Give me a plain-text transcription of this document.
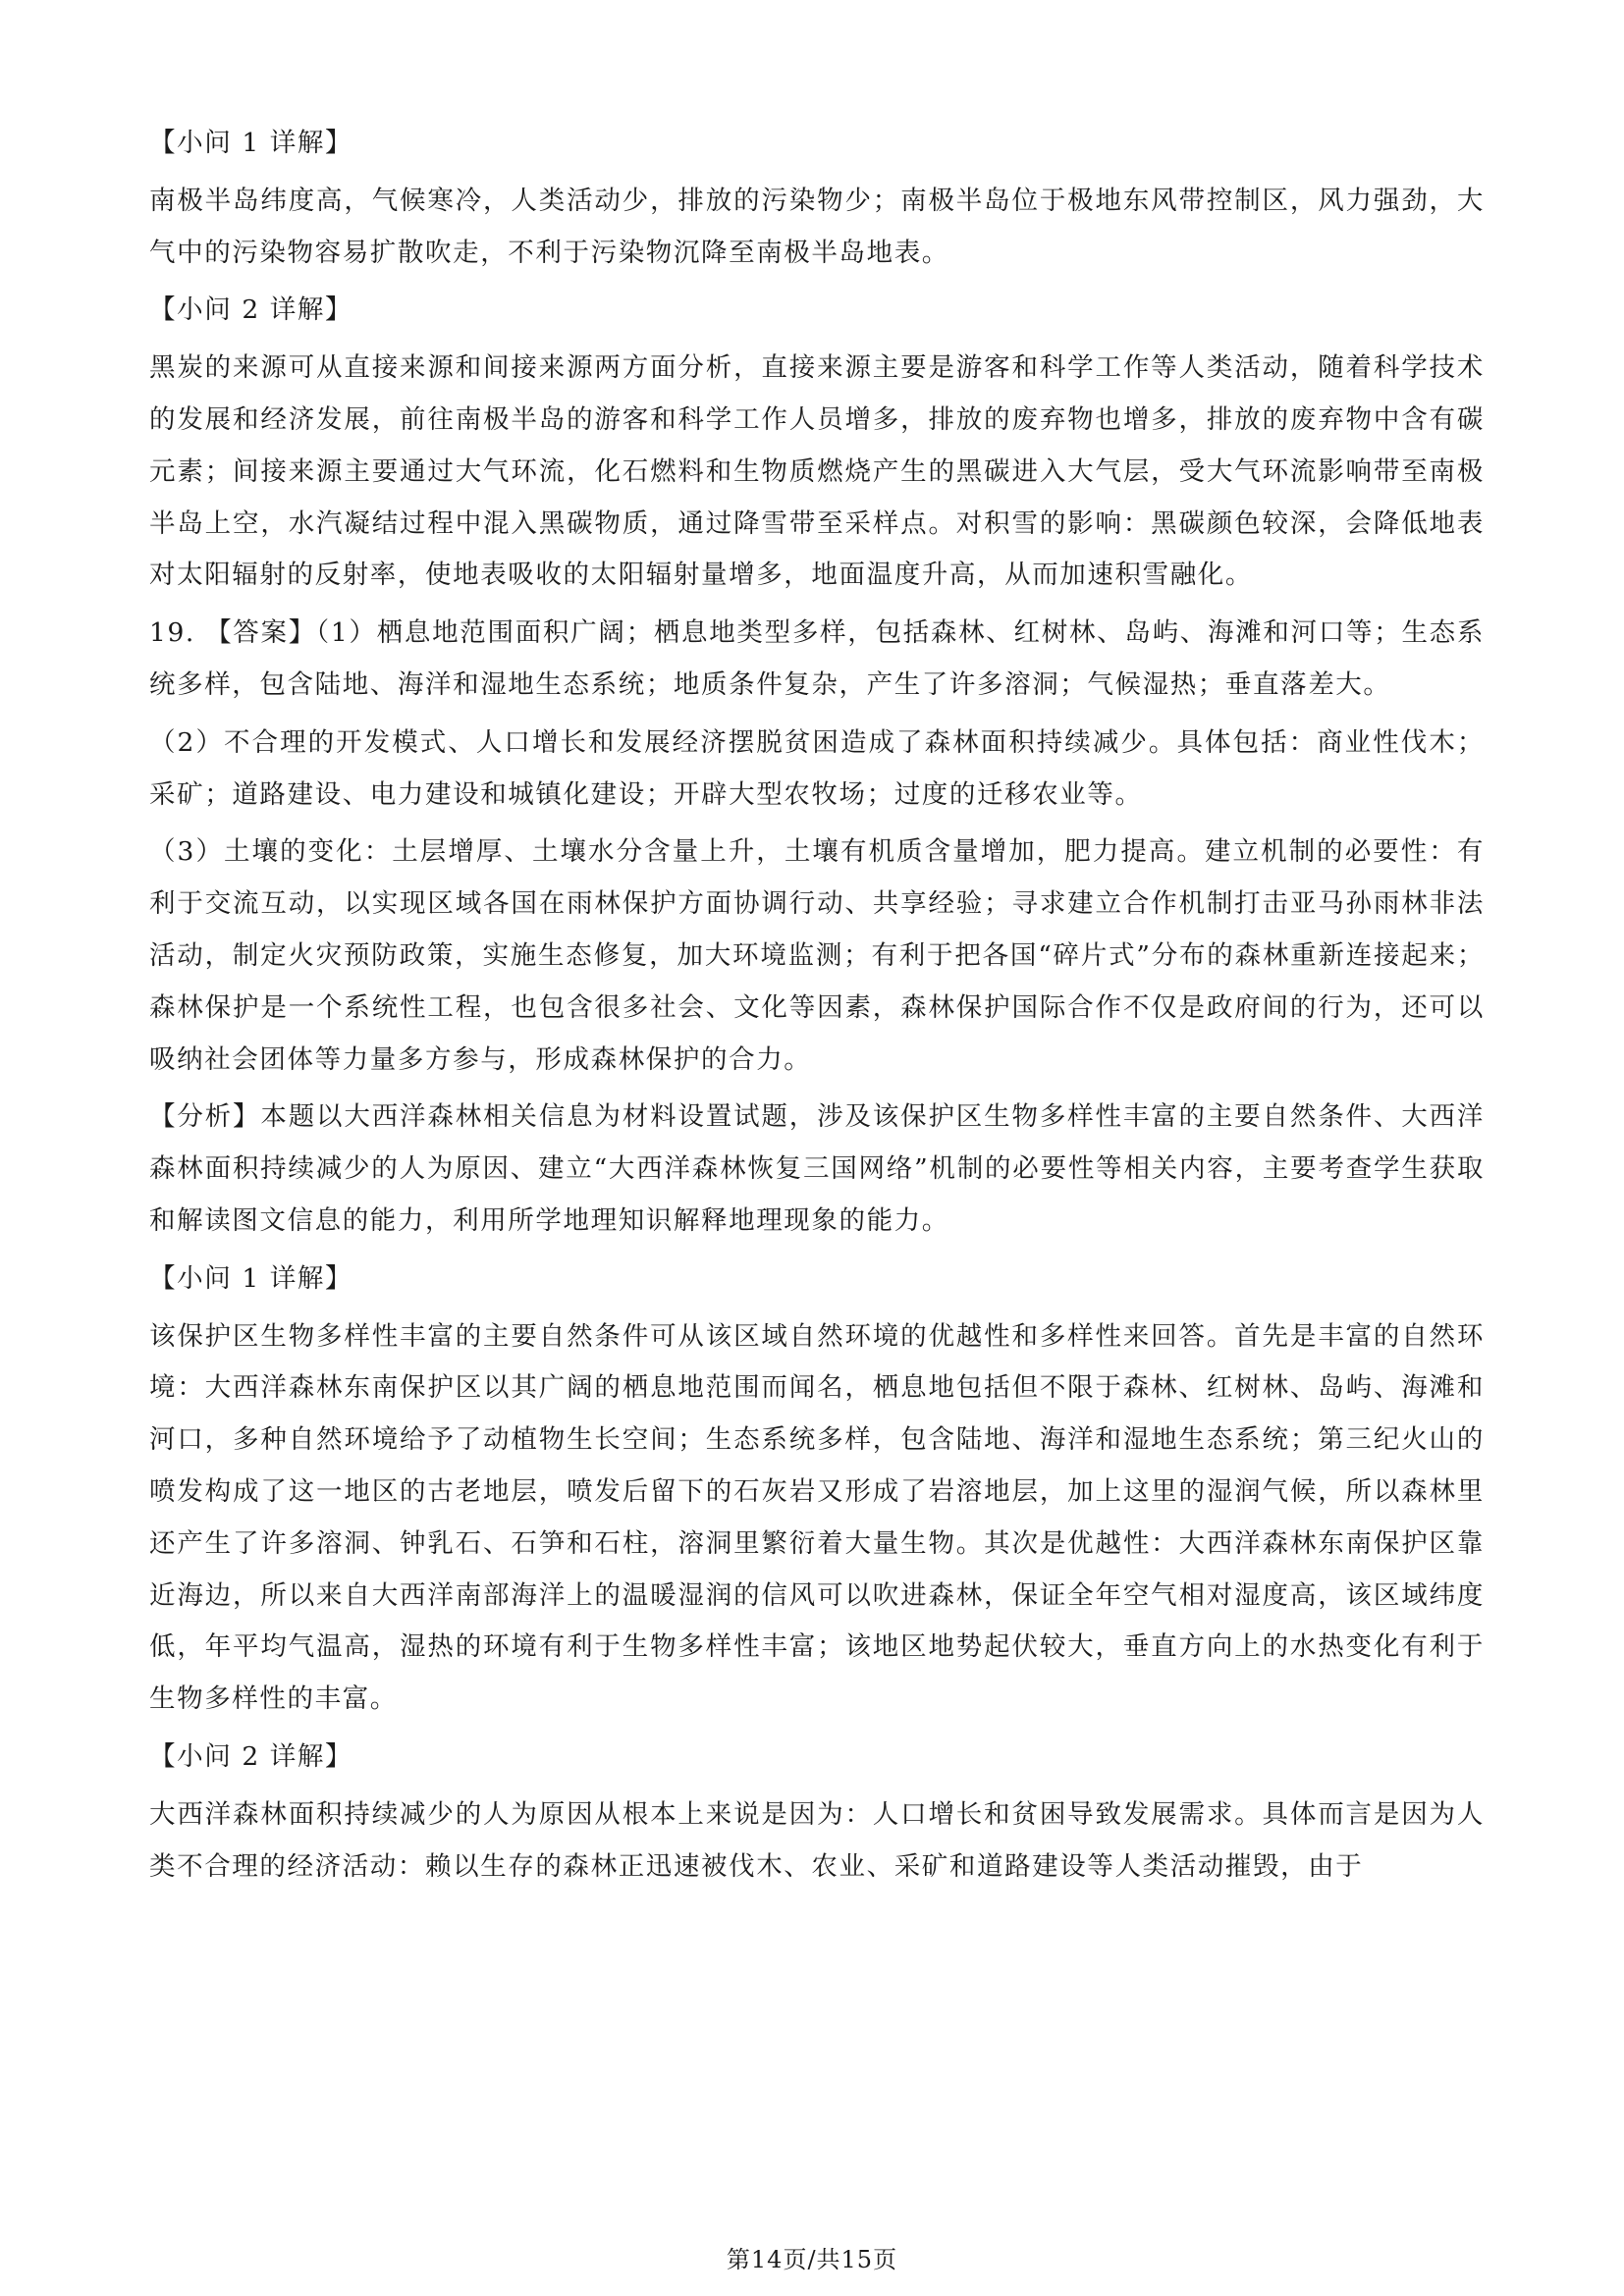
【小问 1 详解】

南极半岛纬度高，气候寒冷，人类活动少，排放的污染物少；南极半岛位于极地东风带控制区，风力强劲，大气中的污染物容易扩散吹走，不利于污染物沉降至南极半岛地表。

【小问 2 详解】

黑炭的来源可从直接来源和间接来源两方面分析，直接来源主要是游客和科学工作等人类活动，随着科学技术的发展和经济发展，前往南极半岛的游客和科学工作人员增多，排放的废弃物也增多，排放的废弃物中含有碳元素；间接来源主要通过大气环流，化石燃料和生物质燃烧产生的黑碳进入大气层，受大气环流影响带至南极半岛上空，水汽凝结过程中混入黑碳物质，通过降雪带至采样点。对积雪的影响：黑碳颜色较深，会降低地表对太阳辐射的反射率，使地表吸收的太阳辐射量增多，地面温度升高，从而加速积雪融化。

19. 【答案】（1）栖息地范围面积广阔；栖息地类型多样，包括森林、红树林、岛屿、海滩和河口等；生态系统多样，包含陆地、海洋和湿地生态系统；地质条件复杂，产生了许多溶洞；气候湿热；垂直落差大。

（2）不合理的开发模式、人口增长和发展经济摆脱贫困造成了森林面积持续减少。具体包括：商业性伐木；采矿；道路建设、电力建设和城镇化建设；开辟大型农牧场；过度的迁移农业等。

（3）土壤的变化：土层增厚、土壤水分含量上升，土壤有机质含量增加，肥力提高。建立机制的必要性：有利于交流互动，以实现区域各国在雨林保护方面协调行动、共享经验；寻求建立合作机制打击亚马孙雨林非法活动，制定火灾预防政策，实施生态修复，加大环境监测；有利于把各国“碎片式”分布的森林重新连接起来；森林保护是一个系统性工程，也包含很多社会、文化等因素，森林保护国际合作不仅是政府间的行为，还可以吸纳社会团体等力量多方参与，形成森林保护的合力。

【分析】本题以大西洋森林相关信息为材料设置试题，涉及该保护区生物多样性丰富的主要自然条件、大西洋森林面积持续减少的人为原因、建立“大西洋森林恢复三国网络”机制的必要性等相关内容，主要考查学生获取和解读图文信息的能力，利用所学地理知识解释地理现象的能力。

【小问 1 详解】

该保护区生物多样性丰富的主要自然条件可从该区域自然环境的优越性和多样性来回答。首先是丰富的自然环境：大西洋森林东南保护区以其广阔的栖息地范围而闻名，栖息地包括但不限于森林、红树林、岛屿、海滩和河口，多种自然环境给予了动植物生长空间；生态系统多样，包含陆地、海洋和湿地生态系统；第三纪火山的喷发构成了这一地区的古老地层，喷发后留下的石灰岩又形成了岩溶地层，加上这里的湿润气候，所以森林里还产生了许多溶洞、钟乳石、石笋和石柱，溶洞里繁衍着大量生物。其次是优越性：大西洋森林东南保护区靠近海边，所以来自大西洋南部海洋上的温暖湿润的信风可以吹进森林，保证全年空气相对湿度高，该区域纬度低，年平均气温高，湿热的环境有利于生物多样性丰富；该地区地势起伏较大，垂直方向上的水热变化有利于生物多样性的丰富。

【小问 2 详解】

大西洋森林面积持续减少的人为原因从根本上来说是因为：人口增长和贫困导致发展需求。具体而言是因为人类不合理的经济活动：赖以生存的森林正迅速被伐木、农业、采矿和道路建设等人类活动摧毁，由于

第14页/共15页
